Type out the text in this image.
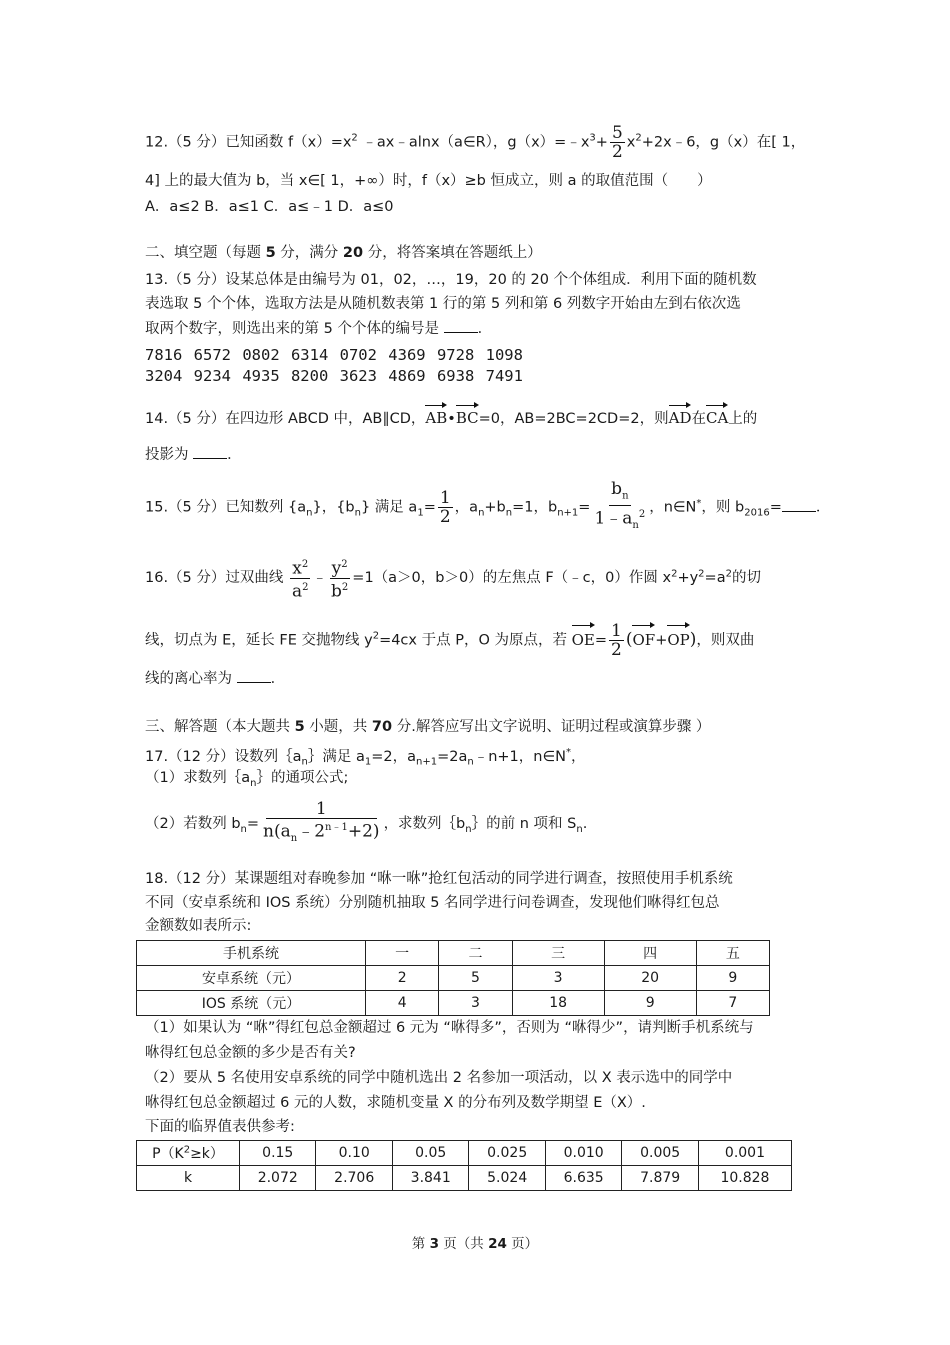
12.（5 分）已知函数 $f(x)=x^2$ ﹣ax﹣alnx（a∈R），$g(x)=﹣x^3+ \frac{5}{2}$ $x^2+2x﹣6$，g（x）在[ 1，
4] 上的最大值为 b，当 x∈[ 1，+∞）时，f（x）≥b 恒成立，则 a 的取值范围（　　）
A．a≤2 B．a≤1 C．a≤﹣1 D．a≤0
二、填空题（每题 5 分，满分 20 分，将答案填在答题纸上）
13.（5 分）设某总体是由编号为 01，02，…，19，20 的 20 个个体组成．利用下面的随机数
表选取 5 个个体，选取方法是从随机数表第 1 行的第 5 列和第 6 列数字开始由左到右依次选
取两个数字，则选出来的第 5 个个体的编号是	．
7816 6572 0802 6314 0702 4369 9728 1098
3204 9234 4935 8200 3623 4869 6938 7491
14.（5 分）在四边形 ABCD 中，AB∥CD，AB•BC=0，AB=2BC=2CD=2，则AD在CA上的
投影为	．
15.（5 分）已知数列 $\{a_n\}$，$\{b_n\}$ 满足 $a_1= \frac{1}{2}$ ，$a_n+b_n=1$，$b_{n+1}= \frac{b_n}{1﹣a_n^2}$ ，n∈N*，则 $b_{2016}=$ ．
16.（5 分）过双曲线 $\frac{x^2}{a^2}$ ﹣ $\frac{y^2}{b^2} =1(a>0$，b＞0）的左焦点 F（﹣c，0）作圆 $x^2+y^2=a^2$的切
线，切点为 E，延长 FE 交抛物线 $y^2=4cx$ 于点 P，O 为原点，若 $OE= \frac{1}{2} (OF+OP)$，则双曲
线的离心率为	．
三、解答题（本大题共 5 小题，共 70 分.解答应写出文字说明、证明过程或演算步骤 ）
17.（12 分）设数列$\{a_n\}$满足 $a_1=2$，$a_{n+1}=2a_n﹣n+1$，n∈N*，
（1）求数列$\{a_n\}$的通项公式;
（2）若数列 $b_n= \frac{1}{n(a_n﹣2^{n﹣1}+2)}$ ，求数列$\{b_n\}$的前 n 项和 $S_n$.
18.（12 分）某课题组对春晚参加 “咻一咻”抢红包活动的同学进行调查，按照使用手机系统
不同（安卓系统和 IOS 系统）分别随机抽取 5 名同学进行问卷调查，发现他们咻得红包总
金额数如表所示:
手机系统	一	二	三	四	五
安卓系统（元）	2	5	3	20	9
IOS 系统（元）	4	3	18	9	7
（1）如果认为 “咻”得红包总金额超过 6 元为 “咻得多”，否则为 “咻得少”，请判断手机系统与
咻得红包总金额的多少是否有关?
（2）要从 5 名使用安卓系统的同学中随机选出 2 名参加一项活动，以 X 表示选中的同学中
咻得红包总金额超过 6 元的人数，求随机变量 X 的分布列及数学期望 E（X）.
下面的临界值表供参考:
$P(K^2\ge k)$	0.15	0.10	0.05	0.025	0.010	0.005	0.001
k	2.072	2.706	3.841	5.024	6.635	7.879	10.828
第 3 页（共 24 页）
